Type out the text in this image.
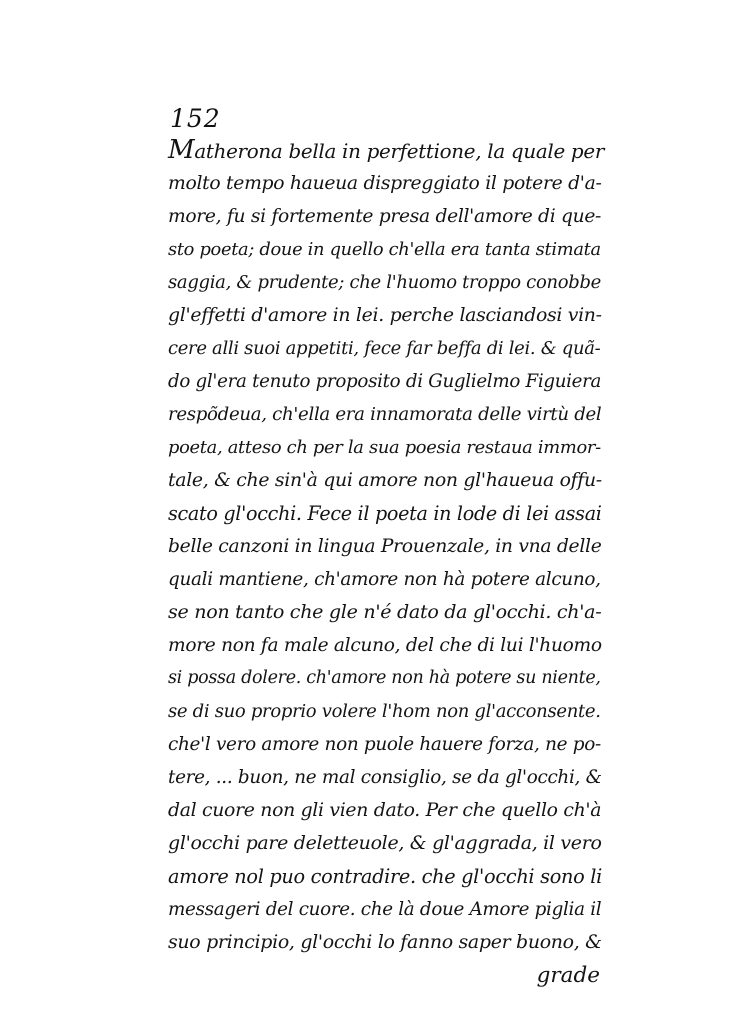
152
Matherona bella in perfettione, la quale per
molto tempo haueua dispreggiato il potere d'a-
more, fu si fortemente presa dell'amore di que-
sto poeta; doue in quello ch'ella era tanta stimata
saggia, & prudente; che l'huomo troppo conobbe
gl'effetti d'amore in lei. perche lasciandosi vin-
cere alli suoi appetiti, fece far beffa di lei. & quã-
do gl'era tenuto proposito di Guglielmo Figuiera
respõdeua, ch'ella era innamorata delle virtù del
poeta, atteso ch per la sua poesia restaua immor-
tale, & che sin'à qui amore non gl'haueua offu-
scato gl'occhi. Fece il poeta in lode di lei assai
belle canzoni in lingua Prouenzale, in vna delle
quali mantiene, ch'amore non hà potere alcuno,
se non tanto che gle n'é dato da gl'occhi. ch'a-
more non fa male alcuno, del che di lui l'huomo
si possa dolere. ch'amore non hà potere su niente,
se di suo proprio volere l'hom non gl'acconsente.
che'l vero amore non puole hauere forza, ne po-
tere, ... buon, ne mal consiglio, se da gl'occhi, &
dal cuore non gli vien dato. Per che quello ch'à
gl'occhi pare deletteuole, & gl'aggrada, il vero
amore nol puo contradire. che gl'occhi sono li
messageri del cuore. che là doue Amore piglia il
suo principio, gl'occhi lo fanno saper buono, &
grade
